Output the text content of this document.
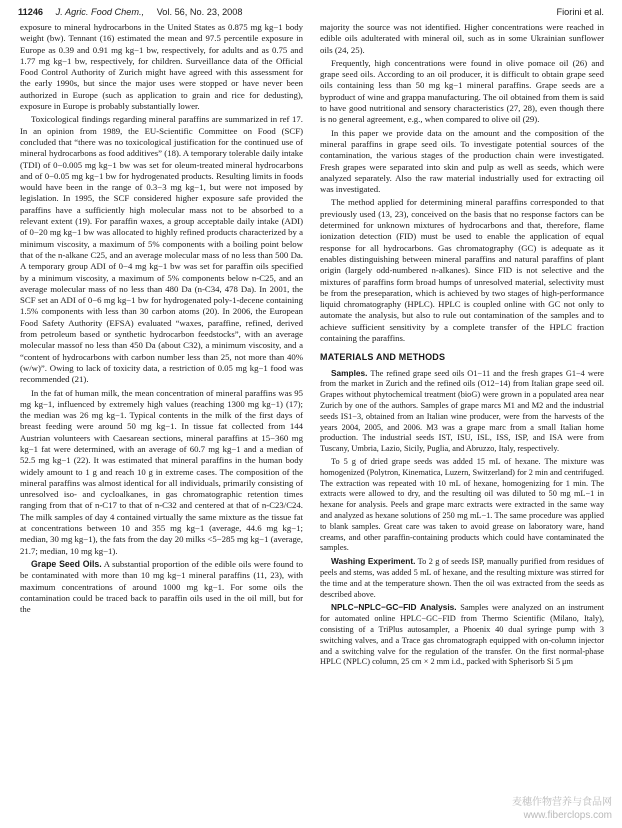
11246 J. Agric. Food Chem., Vol. 56, No. 23, 2008	Fiorini et al.

exposure to mineral hydrocarbons in the United States as 0.875 mg kg−1 body weight (bw). Tennant (16) estimated the mean and 97.5 percentile exposure in Europe as 0.39 and 0.91 mg kg−1 bw, respectively, for adults and as 0.75 and 1.77 mg kg−1 bw, respectively, for children. Surveillance data of the Official Food Control Authority of Zurich might have agreed with this assessment for the early 1990s, but since the major uses were stopped or have never been authorized in Europe (such as application to grain and rice for dedusting), exposure in Europe is probably substantially lower.

Toxicological findings regarding mineral paraffins are summarized in ref 17. In an opinion from 1989, the EU-Scientific Committee on Food (SCF) concluded that “there was no toxicological justification for the continued use of mineral hydrocarbons as food additives” (18). A temporary tolerable daily intake (TDI) of 0−0.005 mg kg−1 bw was set for oleum-treated mineral hydrocarbons and of 0−0.05 mg kg−1 bw for hydrogenated products. Resulting limits in foods would have been in the range of 0.3−3 mg kg−1, but were not imposed by legislation. In 1995, the SCF considered higher exposure safe provided the paraffins have a sufficiently high molecular mass not to be absorbed to a relevant extent (19). For paraffin waxes, a group acceptable daily intake (ADI) of 0−20 mg kg−1 bw was allocated to highly refined products characterized by a minimum viscosity, a maximum of 5% components with a boiling point below that of the n-alkane C25, and an average molecular mass of no less than 500 Da. A temporary group ADI of 0−4 mg kg−1 bw was set for paraffin oils specified by a minimum viscosity, a maximum of 5% components below n-C25, and an average molecular mass of no less than 480 Da (n-C34, 478 Da). In 2001, the SCF set an ADI of 0−6 mg kg−1 bw for hydrogenated poly-1-decene containing 1.5% components with less than 30 carbon atoms (20). In 2006, the European Food Safety Authority (EFSA) evaluated “waxes, paraffine, refined, derived from petroleum based or synthetic hydrocarbon feedstocks”, with an average molecular massof no less than 450 Da (about C32), a minimum viscosity, and a “content of hydrocarbons with carbon number less than 25, not more than 40% (w/w)”. Owing to lack of toxicity data, a restriction of 0.05 mg kg−1 food was recommended (21).

In the fat of human milk, the mean concentration of mineral paraffins was 95 mg kg−1, influenced by extremely high values (reaching 1300 mg kg−1) (17); the median was 26 mg kg−1. Typical contents in the milk of the first days of breast feeding were around 50 mg kg−1. In tissue fat collected from 144 Austrian volunteers with Caesarean sections, mineral paraffins at 15−360 mg kg−1 fat were determined, with an average of 60.7 mg kg−1 and a median of 52.5 mg kg−1 (22). It was estimated that mineral paraffins in the human body widely amount to 1 g and reach 10 g in extreme cases. The composition of the mineral paraffins was almost identical for all individuals, primarily consisting of unresolved iso- and cycloalkanes, in gas chromatographic retention times ranging from that of n-C17 to that of n-C32 and centered at that of n-C23/C24. The milk samples of day 4 contained virtually the same mixture as the tissue fat at concentrations between 10 and 355 mg kg−1 (average, 44.6 mg kg−1; median, 30 mg kg−1), the fats from the day 20 milks <5−285 mg kg−1 (average, 21.7; median, 10 mg kg−1).

Grape Seed Oils. A substantial proportion of the edible oils were found to be contaminated with more than 10 mg kg−1 mineral paraffins (11, 23), with maximum concentrations of around 1000 mg kg−1. For some oils the contamination could be traced back to paraffin oils used in the oil mill, but for the

majority the source was not identified. Higher concentrations were reached in edible oils adulterated with mineral oil, such as in some Ukrainian sunflower oils (24, 25).

Frequently, high concentrations were found in olive pomace oil (26) and grape seed oils. According to an oil producer, it is difficult to obtain grape seed oils containing less than 50 mg kg−1 mineral paraffins. Grape seeds are a byproduct of wine and grappa manufacturing. The oil obtained from them is said to have good nutritional and sensory characteristics (27, 28), even though there is no general agreement, e.g., when compared to olive oil (29).

In this paper we provide data on the amount and the composition of the mineral paraffins in grape seed oils. To investigate potential sources of the contamination, the various stages of the production chain were investigated. Fresh grapes were separated into skin and pulp as well as seeds, which were analyzed separately. Also the raw material industrially used for extracting oil was investigated.

The method applied for determining mineral paraffins corresponded to that previously used (13, 23), conceived on the basis that no response factors can be determined for unknown mixtures of hydrocarbons and that, therefore, flame ionization detection (FID) must be used to enable the application of equal response for all hydrocarbons. Gas chromatography (GC) is adequate as it enables distinguishing between mineral paraffins and natural paraffins of plant origin (largely odd-numbered n-alkanes). Since FID is not selective and the mixtures of paraffins form broad humps of unresolved material, selectivity must be from the preseparation, which is achieved by two stages of high-performance liquid chromatography (HPLC). HPLC is coupled online with GC not only to automate the analysis, but also to rule out contamination of the samples and to achieve sufficient sensitivity by a complete transfer of the HPLC fraction containing the paraffins.

MATERIALS AND METHODS

Samples. The refined grape seed oils O1−11 and the fresh grapes G1−4 were from the market in Zurich and the refined oils (O12−14) from Italian grape seed oil. Grapes without phytochemical treatment (bioG) were grown in a populated area near Zurich by one of the authors. Samples of grape marcs M1 and M2 and the industrial seeds IS1−3, obtained from an Italian wine producer, were from the harvests of the years 2004, 2005, and 2006. M3 was a grape marc from a small Italian home production. The industrial seeds IST, ISU, ISL, ISS, ISP, and ISA were from Tuscany, Umbria, Lazio, Sicily, Puglia, and Abruzzo, Italy, respectively.

To 5 g of dried grape seeds was added 15 mL of hexane. The mixture was homogenized (Polytron, Kinematica, Luzern, Switzerland) for 2 min and centrifuged. The extraction was repeated with 10 mL of hexane, homogenizing for 1 min. The extracts were allowed to dry, and the resulting oil was diluted to 50 mg mL−1 in hexane for analysis. Peels and grape marc extracts were extracted in the same way and analyzed as hexane solutions of 250 mg mL−1. The same procedure was applied to blank samples. Great care was taken to avoid grease on laboratory ware, hand creams, and other paraffin-containing products which could have contaminated the samples.

Washing Experiment. To 2 g of seeds ISP, manually purified from residues of peels and stems, was added 5 mL of hexane, and the resulting mixture was stirred for the time and at the temperature shown. Then the oil was extracted from the seeds as described above.

NPLC−NPLC−GC−FID Analysis. Samples were analyzed on an instrument for automated online HPLC−GC−FID from Thermo Scientific (Milano, Italy), consisting of a TriPlus autosampler, a Phoenix 40 dual syringe pump with 3 switching valves, and a Trace gas chromatograph equipped with on-column injector and a switching valve for the regulation of the transfer. On the first normal-phase HPLC (NPLC) column, 25 cm × 2 mm i.d., packed with Spherisorb Si 5 μm

麦穗作物营养与食品网
www.fiberclops.com
